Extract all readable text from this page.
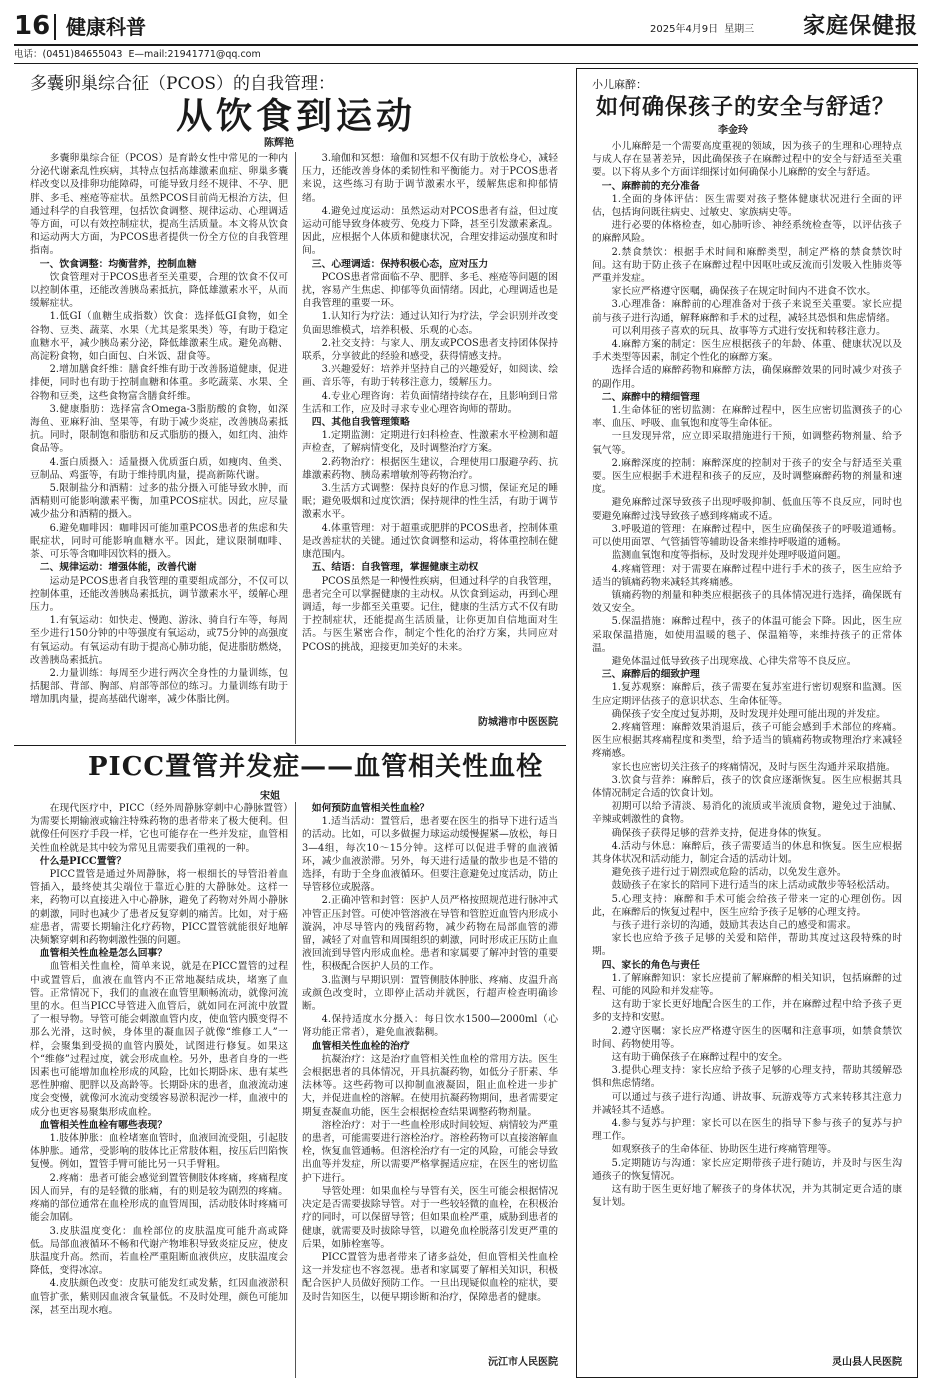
16 健康科普	2025年4月9日 星期三 家庭保健报
电话：(0451)84655043 E—mail:21941771@qq.com
多囊卵巢综合征（PCOS）的自我管理：
从饮食到运动
陈辉艳

多囊卵巢综合征（PCOS）是育龄女性中常见的一种内分泌代谢紊乱性疾病，其特点包括高雄激素血症、卵巢多囊样改变以及排卵功能障碍，可能导致月经不规律、不孕、肥胖、多毛、痤疮等症状。虽然PCOS目前尚无根治方法，但通过科学的自我管理，包括饮食调整、规律运动、心理调适等方面，可以有效控制症状，提高生活质量。本文将从饮食和运动两大方面，为PCOS患者提供一份全方位的自我管理指南。

一、饮食调整：均衡营养，控制血糖

饮食管理对于PCOS患者至关重要，合理的饮食不仅可以控制体重，还能改善胰岛素抵抗，降低雄激素水平，从而缓解症状。

1.低GI（血糖生成指数）饮食：选择低GI食物，如全谷物、豆类、蔬菜、水果（尤其是浆果类）等，有助于稳定血糖水平，减少胰岛素分泌，降低雄激素生成。避免高糖、高淀粉食物，如白面包、白米饭、甜食等。

2.增加膳食纤维：膳食纤维有助于改善肠道健康，促进排便，同时也有助于控制血糖和体重。多吃蔬菜、水果、全谷物和豆类，这些食物富含膳食纤维。

3.健康脂肪：选择富含Omega-3脂肪酸的食物，如深海鱼、亚麻籽油、坚果等，有助于减少炎症，改善胰岛素抵抗。同时，限制饱和脂肪和反式脂肪的摄入，如红肉、油炸食品等。

4.蛋白质摄入：适量摄入优质蛋白质，如瘦肉、鱼类、豆制品、鸡蛋等，有助于维持肌肉量，提高新陈代谢。

5.限制盐分和酒精：过多的盐分摄入可能导致水肿，而酒精则可能影响激素平衡，加重PCOS症状。因此，应尽量减少盐分和酒精的摄入。

6.避免咖啡因：咖啡因可能加重PCOS患者的焦虑和失眠症状，同时可能影响血糖水平。因此，建议限制咖啡、茶、可乐等含咖啡因饮料的摄入。

二、规律运动：增强体能，改善代谢

运动是PCOS患者自我管理的重要组成部分，不仅可以控制体重，还能改善胰岛素抵抗，调节激素水平，缓解心理压力。

1.有氧运动：如快走、慢跑、游泳、骑自行车等，每周至少进行150分钟的中等强度有氧运动，或75分钟的高强度有氧运动。有氧运动有助于提高心肺功能，促进脂肪燃烧，改善胰岛素抵抗。

2.力量训练：每周至少进行两次全身性的力量训练，包括腿部、背部、胸部、肩部等部位的练习。力量训练有助于增加肌肉量，提高基础代谢率，减少体脂比例。

3.瑜伽和冥想：瑜伽和冥想不仅有助于放松身心，减轻压力，还能改善身体的柔韧性和平衡能力。对于PCOS患者来说，这些练习有助于调节激素水平，缓解焦虑和抑郁情绪。

4.避免过度运动：虽然运动对PCOS患者有益，但过度运动可能导致身体疲劳、免疫力下降，甚至引发激素紊乱。因此，应根据个人体质和健康状况，合理安排运动强度和时间。

三、心理调适：保持积极心态，应对压力

PCOS患者常面临不孕、肥胖、多毛、痤疮等问题的困扰，容易产生焦虑、抑郁等负面情绪。因此，心理调适也是自我管理的重要一环。

1.认知行为疗法：通过认知行为疗法，学会识别并改变负面思维模式，培养积极、乐观的心态。

2.社交支持：与家人、朋友或PCOS患者支持团体保持联系，分享彼此的经验和感受，获得情感支持。

3.兴趣爱好：培养并坚持自己的兴趣爱好，如阅读、绘画、音乐等，有助于转移注意力，缓解压力。

4.专业心理咨询：若负面情绪持续存在，且影响到日常生活和工作，应及时寻求专业心理咨询师的帮助。

四、其他自我管理策略

1.定期监测：定期进行妇科检查、性激素水平检测和超声检查，了解病情变化，及时调整治疗方案。

2.药物治疗：根据医生建议，合理使用口服避孕药、抗雄激素药物、胰岛素增敏剂等药物治疗。

3.生活方式调整：保持良好的作息习惯，保证充足的睡眠；避免吸烟和过度饮酒；保持规律的性生活，有助于调节激素水平。

4.体重管理：对于超重或肥胖的PCOS患者，控制体重是改善症状的关键。通过饮食调整和运动，将体重控制在健康范围内。

五、结语：自我管理，掌握健康主动权

PCOS虽然是一种慢性疾病，但通过科学的自我管理，患者完全可以掌握健康的主动权。从饮食到运动，再到心理调适，每一步都至关重要。记住，健康的生活方式不仅有助于控制症状，还能提高生活质量，让你更加自信地面对生活。与医生紧密合作，制定个性化的治疗方案，共同应对PCOS的挑战，迎接更加美好的未来。

防城港市中医医院
PICC置管并发症——血管相关性血栓
宋姐

在现代医疗中，PICC（经外周静脉穿刺中心静脉置管）为需要长期输液或输注特殊药物的患者带来了极大便利。但就像任何医疗手段一样，它也可能存在一些并发症，血管相关性血栓就是其中较为常见且需要我们重视的一种。

什么是PICC置管？

PICC置管是通过外周静脉，将一根细长的导管沿着血管插入，最终使其尖端位于靠近心脏的大静脉处。这样一来，药物可以直接进入中心静脉，避免了药物对外周小静脉的刺激，同时也减少了患者反复穿刺的痛苦。比如，对于癌症患者，需要长期输注化疗药物，PICC置管就能很好地解决频繁穿刺和药物刺激性强的问题。

血管相关性血栓是怎么回事？

血管相关性血栓，简单来说，就是在PICC置管的过程中或置管后，血液在血管内不正常地凝结成块，堵塞了血管。正常情况下，我们的血液在血管里顺畅流动，就像河流里的水。但当PICC导管进入血管后，就如同在河流中放置了一根导物。导管可能会刺激血管内皮，使血管内膜变得不那么光滑，这时候，身体里的凝血因子就像“维修工人”一样，会聚集到受损的血管内膜处，试图进行修复。如果这个“维修”过程过度，就会形成血栓。另外，患者自身的一些因素也可能增加血栓形成的风险，比如长期卧床、患有某些恶性肿瘤、肥胖以及高龄等。长期卧床的患者，血液流动速度会变慢，就像河水流动变缓容易淤积泥沙一样，血液中的成分也更容易聚集形成血栓。

血管相关性血栓有哪些表现？

1.肢体肿胀：血栓堵塞血管时，血液回流受阻，引起肢体肿胀。通常，受影响的肢体比正常肢体粗，按压后凹陷恢复慢。例如，置管手臂可能比另一只手臂粗。

2.疼痛：患者可能会感觉到置管侧肢体疼痛，疼痛程度因人而异，有的是轻微的胀痛，有的则是较为剧烈的疼痛。疼痛的部位通常在血栓形成的血管周围，活动肢体时疼痛可能会加剧。

3.皮肤温度变化：血栓部位的皮肤温度可能升高或降低。局部血液循环不畅和代谢产物堆积导致炎症反应，使皮肤温度升高。然而，若血栓严重阻断血液供应，皮肤温度会降低，变得冰凉。

4.皮肤颜色改变：皮肤可能发红或发紫，红因血液淤积血管扩张，紫则因血液含氧量低。不及时处理，颜色可能加深，甚至出现水疱。

如何预防血管相关性血栓？

1.适当活动：置管后，患者要在医生的指导下进行适当的活动。比如，可以多做握力球运动缓慢握紧—放松，每日3—4组，每次10～15分钟。这样可以促进手臂的血液循环，减少血液淤滞。另外，每天进行适量的散步也是不错的选择，有助于全身血液循环。但要注意避免过度活动，防止导管移位或脱落。

2.正确冲管和封管：医护人员严格按照规范进行脉冲式冲管正压封管。可使冲管溶液在导管和管腔近血管内形成小漩涡，冲尽导管内的残留药物，减少药物在局部血管的滞留，减轻了对血管和周围组织的刺激，同时形成正压防止血液回流到导管内形成血栓。患者和家属要了解冲封管的重要性，积极配合医护人员的工作。

3.监测与早期识别：置管侧肢体肿胀、疼痛、皮温升高或颜色改变时，立即停止活动并就医，行超声检查明确诊断。

4.保持适度水分摄入：每日饮水1500—2000ml（心肾功能正常者），避免血液黏稠。

血管相关性血栓的治疗

抗凝治疗：这是治疗血管相关性血栓的常用方法。医生会根据患者的具体情况，开具抗凝药物，如低分子肝素、华法林等。这些药物可以抑制血液凝固，阻止血栓进一步扩大，并促进血栓的溶解。在使用抗凝药物期间，患者需要定期复查凝血功能，医生会根据检查结果调整药物剂量。

溶栓治疗：对于一些血栓形成时间较短、病情较为严重的患者，可能需要进行溶栓治疗。溶栓药物可以直接溶解血栓，恢复血管通畅。但溶栓治疗有一定的风险，可能会导致出血等并发症，所以需要严格掌握适应症，在医生的密切监护下进行。

导管处理：如果血栓与导管有关，医生可能会根据情况决定是否需要拔除导管。对于一些较轻微的血栓，在积极治疗的同时，可以保留导管；但如果血栓严重，威胁到患者的健康，就需要及时拔除导管，以避免血栓脱落引发更严重的后果，如肺栓塞等。

PICC置管为患者带来了诸多益处，但血管相关性血栓这一并发症也不容忽视。患者和家属要了解相关知识，积极配合医护人员做好预防工作。一旦出现疑似血栓的症状，要及时告知医生，以便早期诊断和治疗，保障患者的健康。

沅江市人民医院
小儿麻醉：
如何确保孩子的安全与舒适？
李金玲

小儿麻醉是一个需要高度重视的领域，因为孩子的生理和心理特点与成人存在显著差异，因此确保孩子在麻醉过程中的安全与舒适至关重要。以下将从多个方面详细探讨如何确保小儿麻醉的安全与舒适。

一、麻醉前的充分准备

1.全面的身体评估：医生需要对孩子整体健康状况进行全面的评估，包括询问既往病史、过敏史、家族病史等。

进行必要的体格检查，如心肺听诊、神经系统检查等，以评估孩子的麻醉风险。

2.禁食禁饮：根据手术时间和麻醉类型，制定严格的禁食禁饮时间。这有助于防止孩子在麻醉过程中因呕吐或反流而引发吸入性肺炎等严重并发症。

家长应严格遵守医嘱，确保孩子在规定时间内不进食不饮水。

3.心理准备：麻醉前的心理准备对于孩子来说至关重要。家长应提前与孩子进行沟通，解释麻醉和手术的过程，减轻其恐惧和焦虑情绪。

可以利用孩子喜欢的玩具、故事等方式进行安抚和转移注意力。

4.麻醉方案的制定：医生应根据孩子的年龄、体重、健康状况以及手术类型等因素，制定个性化的麻醉方案。

选择合适的麻醉药物和麻醉方法，确保麻醉效果的同时减少对孩子的副作用。

二、麻醉中的精细管理

1.生命体征的密切监测：在麻醉过程中，医生应密切监测孩子的心率、血压、呼吸、血氧饱和度等生命体征。

一旦发现异常，应立即采取措施进行干预，如调整药物剂量、给予氧气等。

2.麻醉深度的控制：麻醉深度的控制对于孩子的安全与舒适至关重要。医生应根据手术进程和孩子的反应，及时调整麻醉药物的剂量和速度。

避免麻醉过深导致孩子出现呼吸抑制、低血压等不良反应，同时也要避免麻醉过浅导致孩子感到疼痛或不适。

3.呼吸道的管理：在麻醉过程中，医生应确保孩子的呼吸道通畅。可以使用面罩、气管插管等辅助设备来维持呼吸道的通畅。

监测血氧饱和度等指标，及时发现并处理呼吸道问题。

4.疼痛管理：对于需要在麻醉过程中进行手术的孩子，医生应给予适当的镇痛药物来减轻其疼痛感。

镇痛药物的剂量和种类应根据孩子的具体情况进行选择，确保既有效又安全。

5.保温措施：麻醉过程中，孩子的体温可能会下降。因此，医生应采取保温措施，如使用温暖的毯子、保温箱等，来维持孩子的正常体温。

避免体温过低导致孩子出现寒战、心律失常等不良反应。

三、麻醉后的细致护理

1.复苏观察：麻醉后，孩子需要在复苏室进行密切观察和监测。医生应定期评估孩子的意识状态、生命体征等。

确保孩子安全度过复苏期，及时发现并处理可能出现的并发症。

2.疼痛管理：麻醉效果消退后，孩子可能会感到手术部位的疼痛。医生应根据其疼痛程度和类型，给予适当的镇痛药物或物理治疗来减轻疼痛感。

家长也应密切关注孩子的疼痛情况，及时与医生沟通并采取措施。

3.饮食与营养：麻醉后，孩子的饮食应逐渐恢复。医生应根据其具体情况制定合适的饮食计划。

初期可以给予清淡、易消化的流质或半流质食物，避免过于油腻、辛辣或刺激性的食物。

确保孩子获得足够的营养支持，促进身体的恢复。

4.活动与休息：麻醉后，孩子需要适当的休息和恢复。医生应根据其身体状况和活动能力，制定合适的活动计划。

避免孩子进行过于剧烈或危险的活动，以免发生意外。

鼓励孩子在家长的陪同下进行适当的床上活动或散步等轻松活动。

5.心理支持：麻醉和手术可能会给孩子带来一定的心理创伤。因此，在麻醉后的恢复过程中，医生应给予孩子足够的心理支持。

与孩子进行亲切的沟通，鼓励其表达自己的感受和需求。

家长也应给予孩子足够的关爱和陪伴，帮助其度过这段特殊的时期。

四、家长的角色与责任

1.了解麻醉知识：家长应提前了解麻醉的相关知识，包括麻醉的过程、可能的风险和并发症等。

这有助于家长更好地配合医生的工作，并在麻醉过程中给予孩子更多的支持和安慰。

2.遵守医嘱：家长应严格遵守医生的医嘱和注意事项，如禁食禁饮时间、药物使用等。

这有助于确保孩子在麻醉过程中的安全。

3.提供心理支持：家长应给予孩子足够的心理支持，帮助其缓解恐惧和焦虑情绪。

可以通过与孩子进行沟通、讲故事、玩游戏等方式来转移其注意力并减轻其不适感。

4.参与复苏与护理：家长可以在医生的指导下参与孩子的复苏与护理工作。

如观察孩子的生命体征、协助医生进行疼痛管理等。

5.定期随访与沟通：家长应定期带孩子进行随访，并及时与医生沟通孩子的恢复情况。

这有助于医生更好地了解孩子的身体状况，并为其制定更合适的康复计划。

灵山县人民医院
